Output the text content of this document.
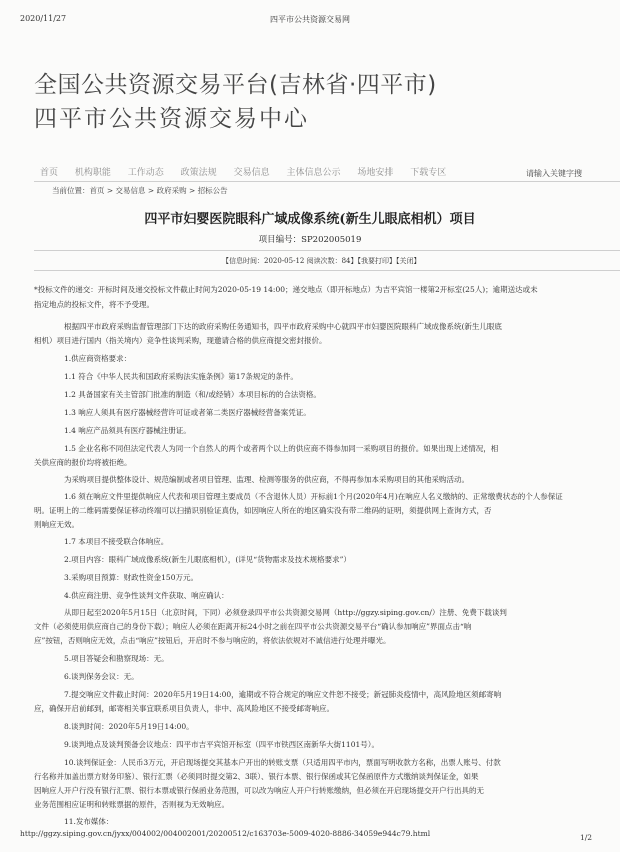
2020/11/27	四平市公共资源交易网
全国公共资源交易平台(吉林省·四平市)
四平市公共资源交易中心
首页 机构职能 工作动态 政策法规 交易信息 主体信息公示 场地安排 下载专区	请输入关键字搜
当前位置：首页 > 交易信息 > 政府采购 > 招标公告
四平市妇婴医院眼科广域成像系统(新生儿眼底相机）项目
项目编号：SP202005019
【信息时间：2020-05-12 阅读次数：84】【我要打印】【关闭】
*投标文件的递交：开标时间及递交投标文件截止时间为2020-05-19 14:00；递交地点（即开标地点）为吉平宾馆一楼第2开标室(25人)；逾期送达或未
指定地点的投标文件，将不予受理。
根据四平市政府采购监督管理部门下达的政府采购任务通知书，四平市政府采购中心就四平市妇婴医院眼科广域成像系统(新生儿眼底
相机）项目进行国内（指关境内）竞争性谈判采购，现邀请合格的供应商提交密封报价。
1.供应商资格要求：
1.1 符合《中华人民共和国政府采购法实施条例》第17条规定的条件。
1.2 具备国家有关主管部门批准的制造（和/或经销）本项目标的的合法资格。
1.3 响应人须具有医疗器械经营许可证或者第二类医疗器械经营备案凭证。
1.4 响应产品须具有医疗器械注册证。
1.5 企业名称不同但法定代表人为同一个自然人的两个或者两个以上的供应商不得参加同一采购项目的报价。如果出现上述情况，相
关供应商的报价均将被拒绝。
为采购项目提供整体设计、规范编制或者项目管理、监理、检测等服务的供应商，不得再参加本采购项目的其他采购活动。
1.6 须在响应文件里提供响应人代表和项目管理主要成员（不含退休人员）开标前1个月(2020年4月)在响应人名义缴纳的、正常缴费状态的个人参保证
明。证明上的二维码需要保证移动终端可以扫描识别验证真伪，如因响应人所在的地区确实没有带二维码的证明，须提供网上查询方式，否
则响应无效。
1.7 本项目不接受联合体响应。
2.项目内容：眼科广域成像系统(新生儿眼底相机），(详见“货物需求及技术规格要求”）
3.采购项目预算：财政性资金150万元。
4.供应商注册、竞争性谈判文件获取、响应确认：
从即日起至2020年5月15日（北京时间，下同）必须登录四平市公共资源交易网（http://ggzy.siping.gov.cn/）注册、免费下载谈判
文件（必须使用供应商自己的身份下载）；响应人必须在距离开标24小时之前在四平市公共资源交易平台“确认参加响应”界面点击“响
应”按钮，否则响应无效，点击“响应”按钮后，开启时不参与响应的，将依法依规对不诚信进行处理并曝光。
5.项目答疑会和勘察现场：无。
6.谈判保务会议：无。
7.提交响应文件截止时间：2020年5月19日14:00，逾期或不符合规定的响应文件恕不接受；新冠肺炎疫情中，高风险地区须邮寄响
应，确保开启前邮到，邮寄相关事宜联系项目负责人，非中、高风险地区不接受邮寄响应。
8.谈判时间：2020年5月19日14:00。
9.谈判地点及谈判预备会议地点：四平市吉平宾馆开标室（四平市铁西区南新华大街1101号）。
10.谈判保证金：人民币3万元，开启现场提交其基本户开出的转账支票（只适用四平市内，票面写明收款方名称，出票人账号、付款
行名称并加盖出票方财务印鉴）、银行汇票（必须同时提交第2、3联）、银行本票、银行保函或其它保函原件方式缴纳谈判保证金，如果
因响应人开户行没有银行汇票、银行本票或银行保函业务范围，可以改为响应人开户行转账缴纳，但必须在开启现场提交开户行出具的无
业务范围相应证明和转账票据的原件，否则视为无效响应。
11.发布媒体：
http://ggzy.siping.gov.cn/jyxx/004002/004002001/20200512/c163703e-5009-4020-8886-34059e944c79.html	1/2
